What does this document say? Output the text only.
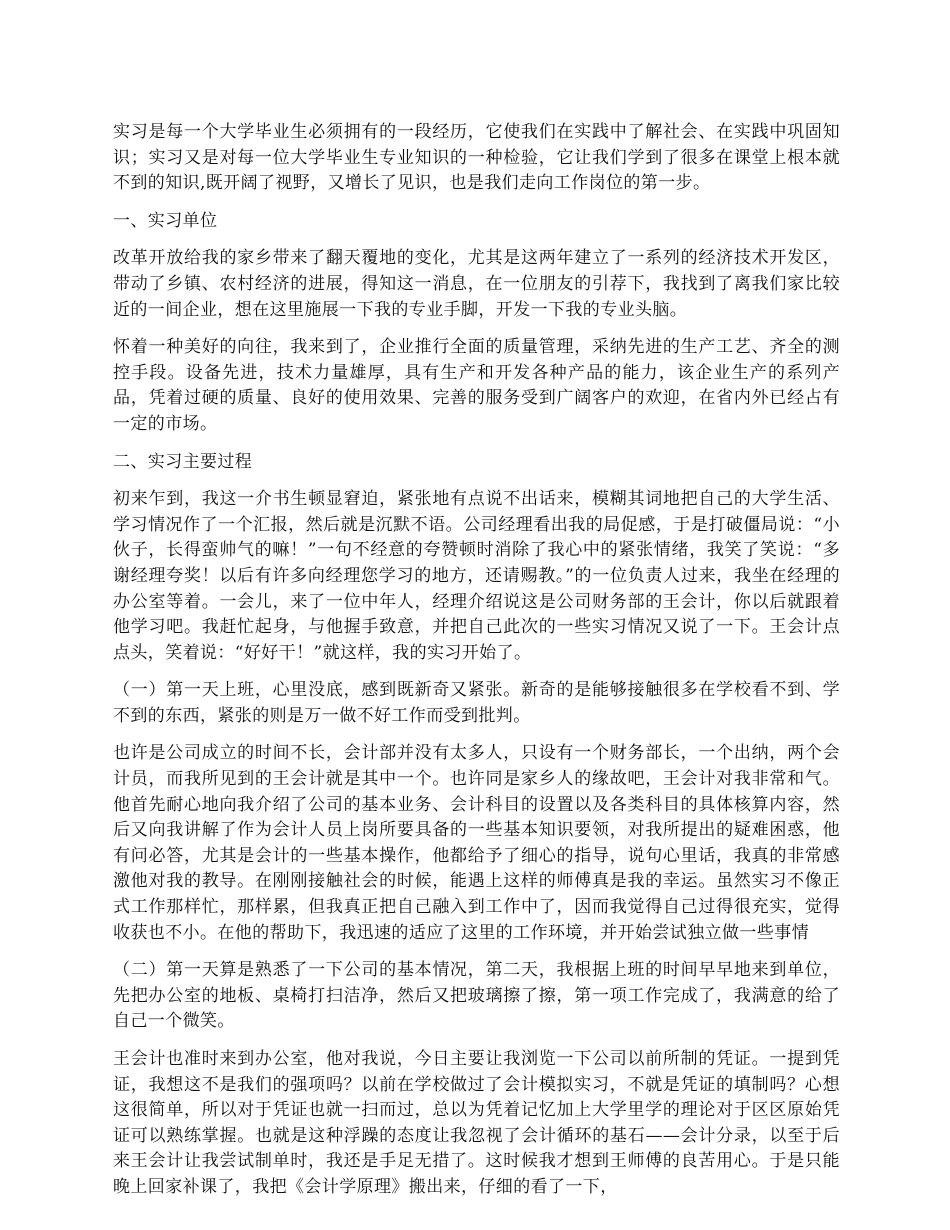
实习是每一个大学毕业生必须拥有的一段经历，它使我们在实践中了解社会、在实践中巩固知识；实习又是对每一位大学毕业生专业知识的一种检验，它让我们学到了很多在课堂上根本就不到的知识,既开阔了视野，又增长了见识，也是我们走向工作岗位的第一步。

一、实习单位

改革开放给我的家乡带来了翻天覆地的变化，尤其是这两年建立了一系列的经济技术开发区，带动了乡镇、农村经济的进展，得知这一消息，在一位朋友的引荐下，我找到了离我们家比较近的一间企业，想在这里施展一下我的专业手脚，开发一下我的专业头脑。

怀着一种美好的向往，我来到了，企业推行全面的质量管理，采纳先进的生产工艺、齐全的测控手段。设备先进，技术力量雄厚，具有生产和开发各种产品的能力，该企业生产的系列产品，凭着过硬的质量、良好的使用效果、完善的服务受到广阔客户的欢迎，在省内外已经占有一定的市场。

二、实习主要过程

初来乍到，我这一介书生顿显窘迫，紧张地有点说不出话来，模糊其词地把自己的大学生活、学习情况作了一个汇报，然后就是沉默不语。公司经理看出我的局促感，于是打破僵局说：“小伙子，长得蛮帅气的嘛！”一句不经意的夸赞顿时消除了我心中的紧张情绪，我笑了笑说：“多谢经理夸奖！以后有许多向经理您学习的地方，还请赐教。”的一位负责人过来，我坐在经理的办公室等着。一会儿，来了一位中年人，经理介绍说这是公司财务部的王会计，你以后就跟着他学习吧。我赶忙起身，与他握手致意，并把自己此次的一些实习情况又说了一下。王会计点点头，笑着说：“好好干！”就这样，我的实习开始了。

（一）第一天上班，心里没底，感到既新奇又紧张。新奇的是能够接触很多在学校看不到、学不到的东西，紧张的则是万一做不好工作而受到批判。

也许是公司成立的时间不长，会计部并没有太多人，只设有一个财务部长，一个出纳，两个会计员，而我所见到的王会计就是其中一个。也许同是家乡人的缘故吧，王会计对我非常和气。他首先耐心地向我介绍了公司的基本业务、会计科目的设置以及各类科目的具体核算内容，然后又向我讲解了作为会计人员上岗所要具备的一些基本知识要领，对我所提出的疑难困惑，他有问必答，尤其是会计的一些基本操作，他都给予了细心的指导，说句心里话，我真的非常感激他对我的教导。在刚刚接触社会的时候，能遇上这样的师傅真是我的幸运。虽然实习不像正式工作那样忙，那样累，但我真正把自己融入到工作中了，因而我觉得自己过得很充实，觉得收获也不小。在他的帮助下，我迅速的适应了这里的工作环境，并开始尝试独立做一些事情

（二）第一天算是熟悉了一下公司的基本情况，第二天，我根据上班的时间早早地来到单位，先把办公室的地板、桌椅打扫洁净，然后又把玻璃擦了擦，第一项工作完成了，我满意的给了自己一个微笑。

王会计也准时来到办公室，他对我说，今日主要让我浏览一下公司以前所制的凭证。一提到凭证，我想这不是我们的强项吗？以前在学校做过了会计模拟实习，不就是凭证的填制吗？心想这很简单，所以对于凭证也就一扫而过，总以为凭着记忆加上大学里学的理论对于区区原始凭证可以熟练掌握。也就是这种浮躁的态度让我忽视了会计循环的基石——会计分录，以至于后来王会计让我尝试制单时，我还是手足无措了。这时候我才想到王师傅的良苦用心。于是只能晚上回家补课了，我把《会计学原理》搬出来，仔细的看了一下，
